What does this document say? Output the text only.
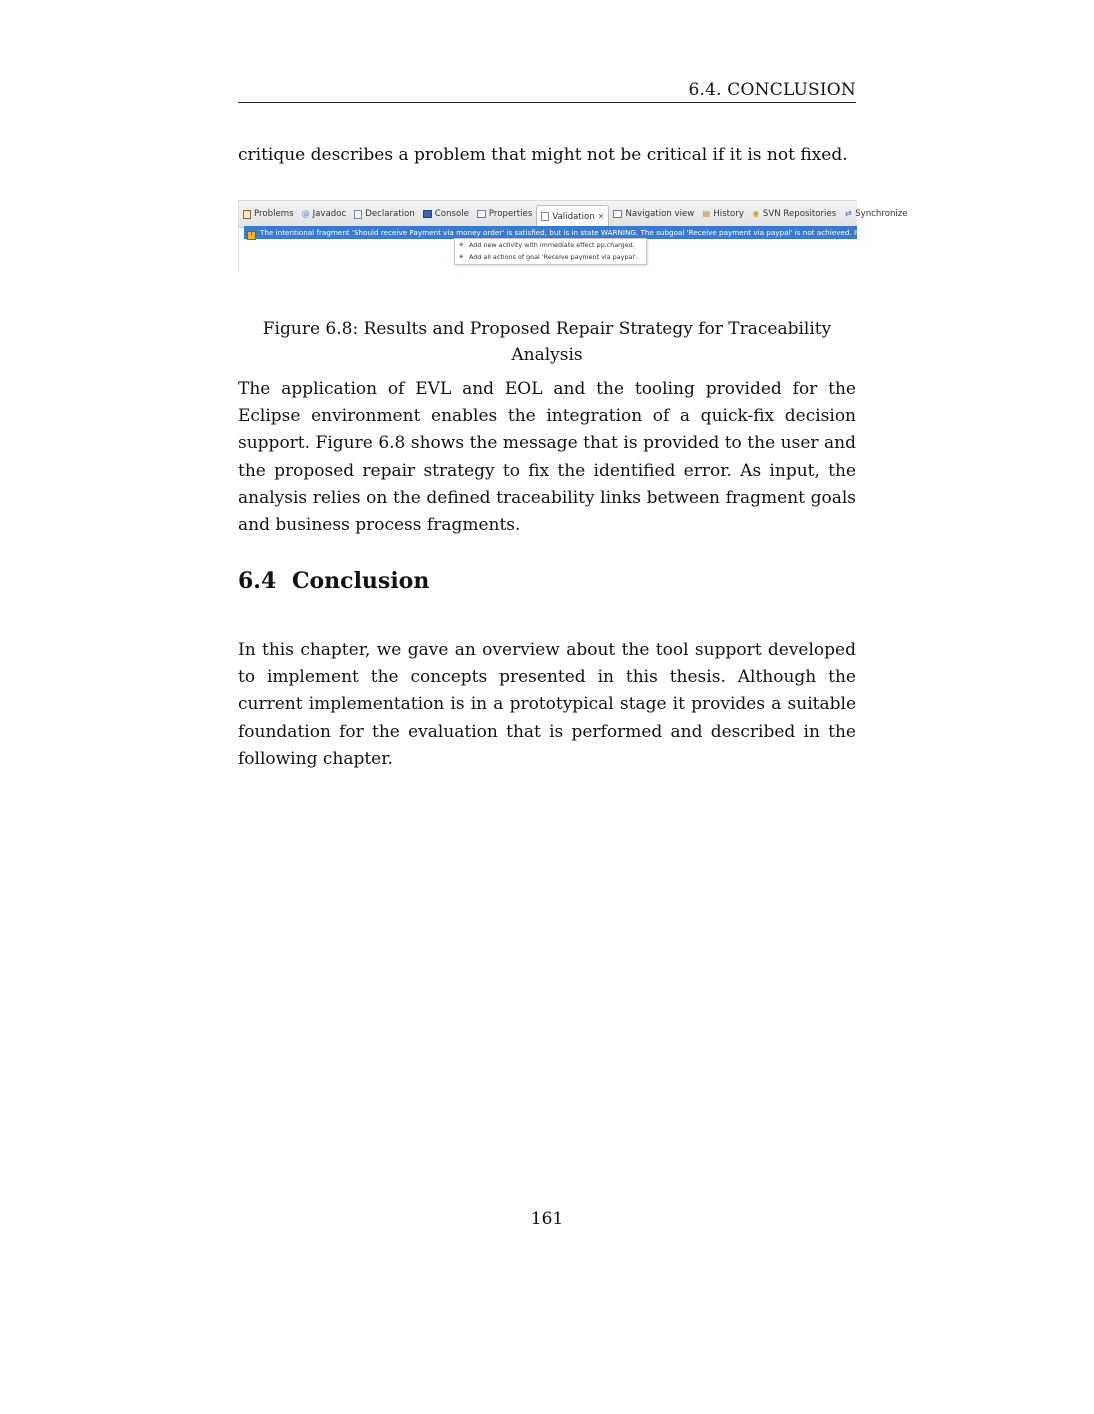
6.4. CONCLUSION

critique describes a problem that might not be critical if it is not fixed.

Problems @ Javadoc Declaration Console Properties Validation ✕ Navigation view ▤ History ◉ SVN Repositories ⇄ Synchronize
! The intentional fragment 'Should receive Payment via money order' is satisfied, but is in state WARNING. The subgoal 'Receive payment via paypal' is not achieved. It demands pp.charged.
◈ Add new activity with immediate effect pp.charged.
◈ Add all actions of goal 'Receive payment via paypal'.

Figure 6.8: Results and Proposed Repair Strategy for Traceability Analysis

The application of EVL and EOL and the tooling provided for the Eclipse environment enables the integration of a quick-fix decision support. Figure 6.8 shows the message that is provided to the user and the proposed repair strategy to fix the identified error. As input, the analysis relies on the defined traceability links between fragment goals and business process fragments.

6.4 Conclusion

In this chapter, we gave an overview about the tool support developed to implement the concepts presented in this thesis. Although the current implementation is in a prototypical stage it provides a suitable foundation for the evaluation that is performed and described in the following chapter.

161
